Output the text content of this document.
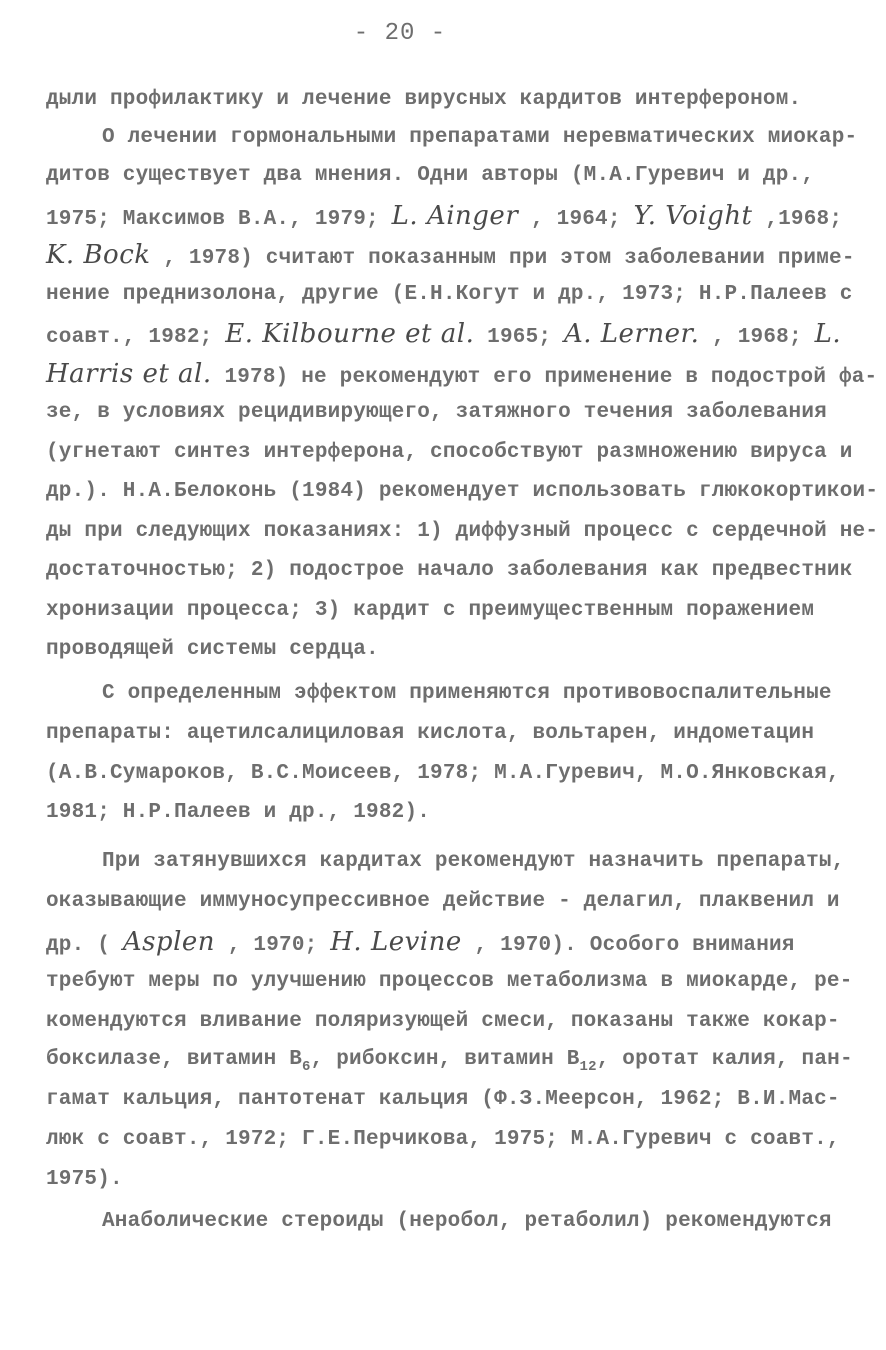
- 20 -
дыли профилактику и лечение вирусных кардитов интерфероном.
О лечении гормональными препаратами неревматических миокар-
дитов существует два мнения. Одни авторы (М.А.Гуревич и др.,
1975; Максимов В.А., 1979; L. Ainger , 1964; Y. Voight ,1968;
K. Bock , 1978) считают показанным при этом заболевании приме-
нение преднизолона, другие (Е.Н.Когут и др., 1973; Н.Р.Палеев с
соавт., 1982; E. Kilbourne et al. 1965; A. Lerner. , 1968; L.
Harris et al. 1978) не рекомендуют его применение в подострой фа-
зе, в условиях рецидивирующего, затяжного течения заболевания
(угнетают синтез интерферона, способствуют размножению вируса и
др.). Н.А.Белоконь (1984) рекомендует использовать глюкокортикои-
ды при следующих показаниях: 1) диффузный процесс с сердечной не-
достаточностью; 2) подострое начало заболевания как предвестник
хронизации процесса; 3) кардит с преимущественным поражением
проводящей системы сердца.
С определенным эффектом применяются противовоспалительные
препараты: ацетилсалициловая кислота, вольтарен, индометацин
(А.В.Сумароков, В.С.Моисеев, 1978; М.А.Гуревич, М.О.Янковская,
1981; Н.Р.Палеев и др., 1982).
При затянувшихся кардитах рекомендуют назначить препараты,
оказывающие иммуносупрессивное действие - делагил, плаквенил и
др. ( Asplen , 1970; H. Levine , 1970). Особого внимания
требуют меры по улучшению процессов метаболизма в миокарде, ре-
комендуются вливание поляризующей смеси, показаны также кокар-
боксилазе, витамин $B_6$, рибоксин, витамин $B_{12}$, оротат калия, пан-
гамат кальция, пантотенат кальция (Ф.З.Меерсон, 1962; В.И.Мас-
люк с соавт., 1972; Г.Е.Перчикова, 1975; М.А.Гуревич с соавт.,
1975).
Анаболические стероиды (неробол, ретаболил) рекомендуются
